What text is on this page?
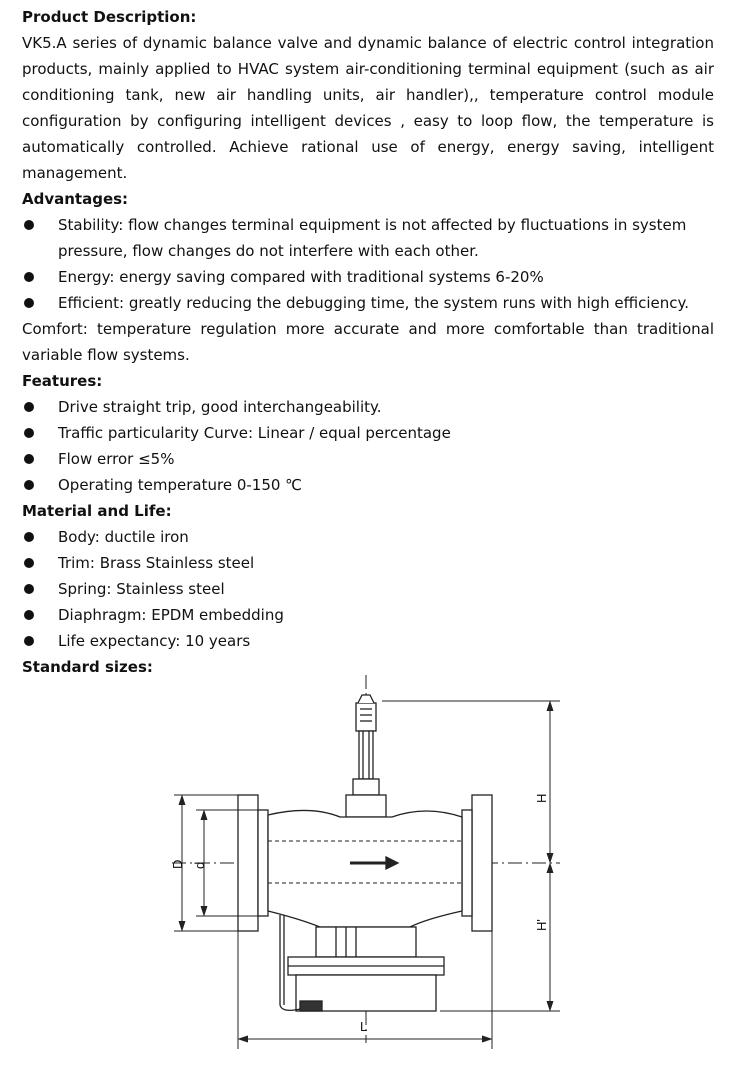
Product Description:
VK5.A series of dynamic balance valve and dynamic balance of electric control integration products, mainly applied to HVAC system air-conditioning terminal equipment (such as air conditioning tank, new air handling units, air handler),, temperature control module configuration by configuring intelligent devices , easy to loop flow, the temperature is automatically controlled. Achieve rational use of energy, energy saving, intelligent management.
Advantages:
Stability: flow changes terminal equipment is not affected by fluctuations in system pressure, flow changes do not interfere with each other.
Energy: energy saving compared with traditional systems 6-20%
Efficient: greatly reducing the debugging time, the system runs with high efficiency.
Comfort: temperature regulation more accurate and more comfortable than traditional variable flow systems.
Features:
Drive straight trip, good interchangeability.
Traffic particularity Curve: Linear / equal percentage
Flow error ≤5%
Operating temperature 0-150 ℃
Material and Life:
Body: ductile iron
Trim: Brass Stainless steel
Spring: Stainless steel
Diaphragm: EPDM embedding
Life expectancy: 10 years
Standard sizes:
D d
H
H'
L
